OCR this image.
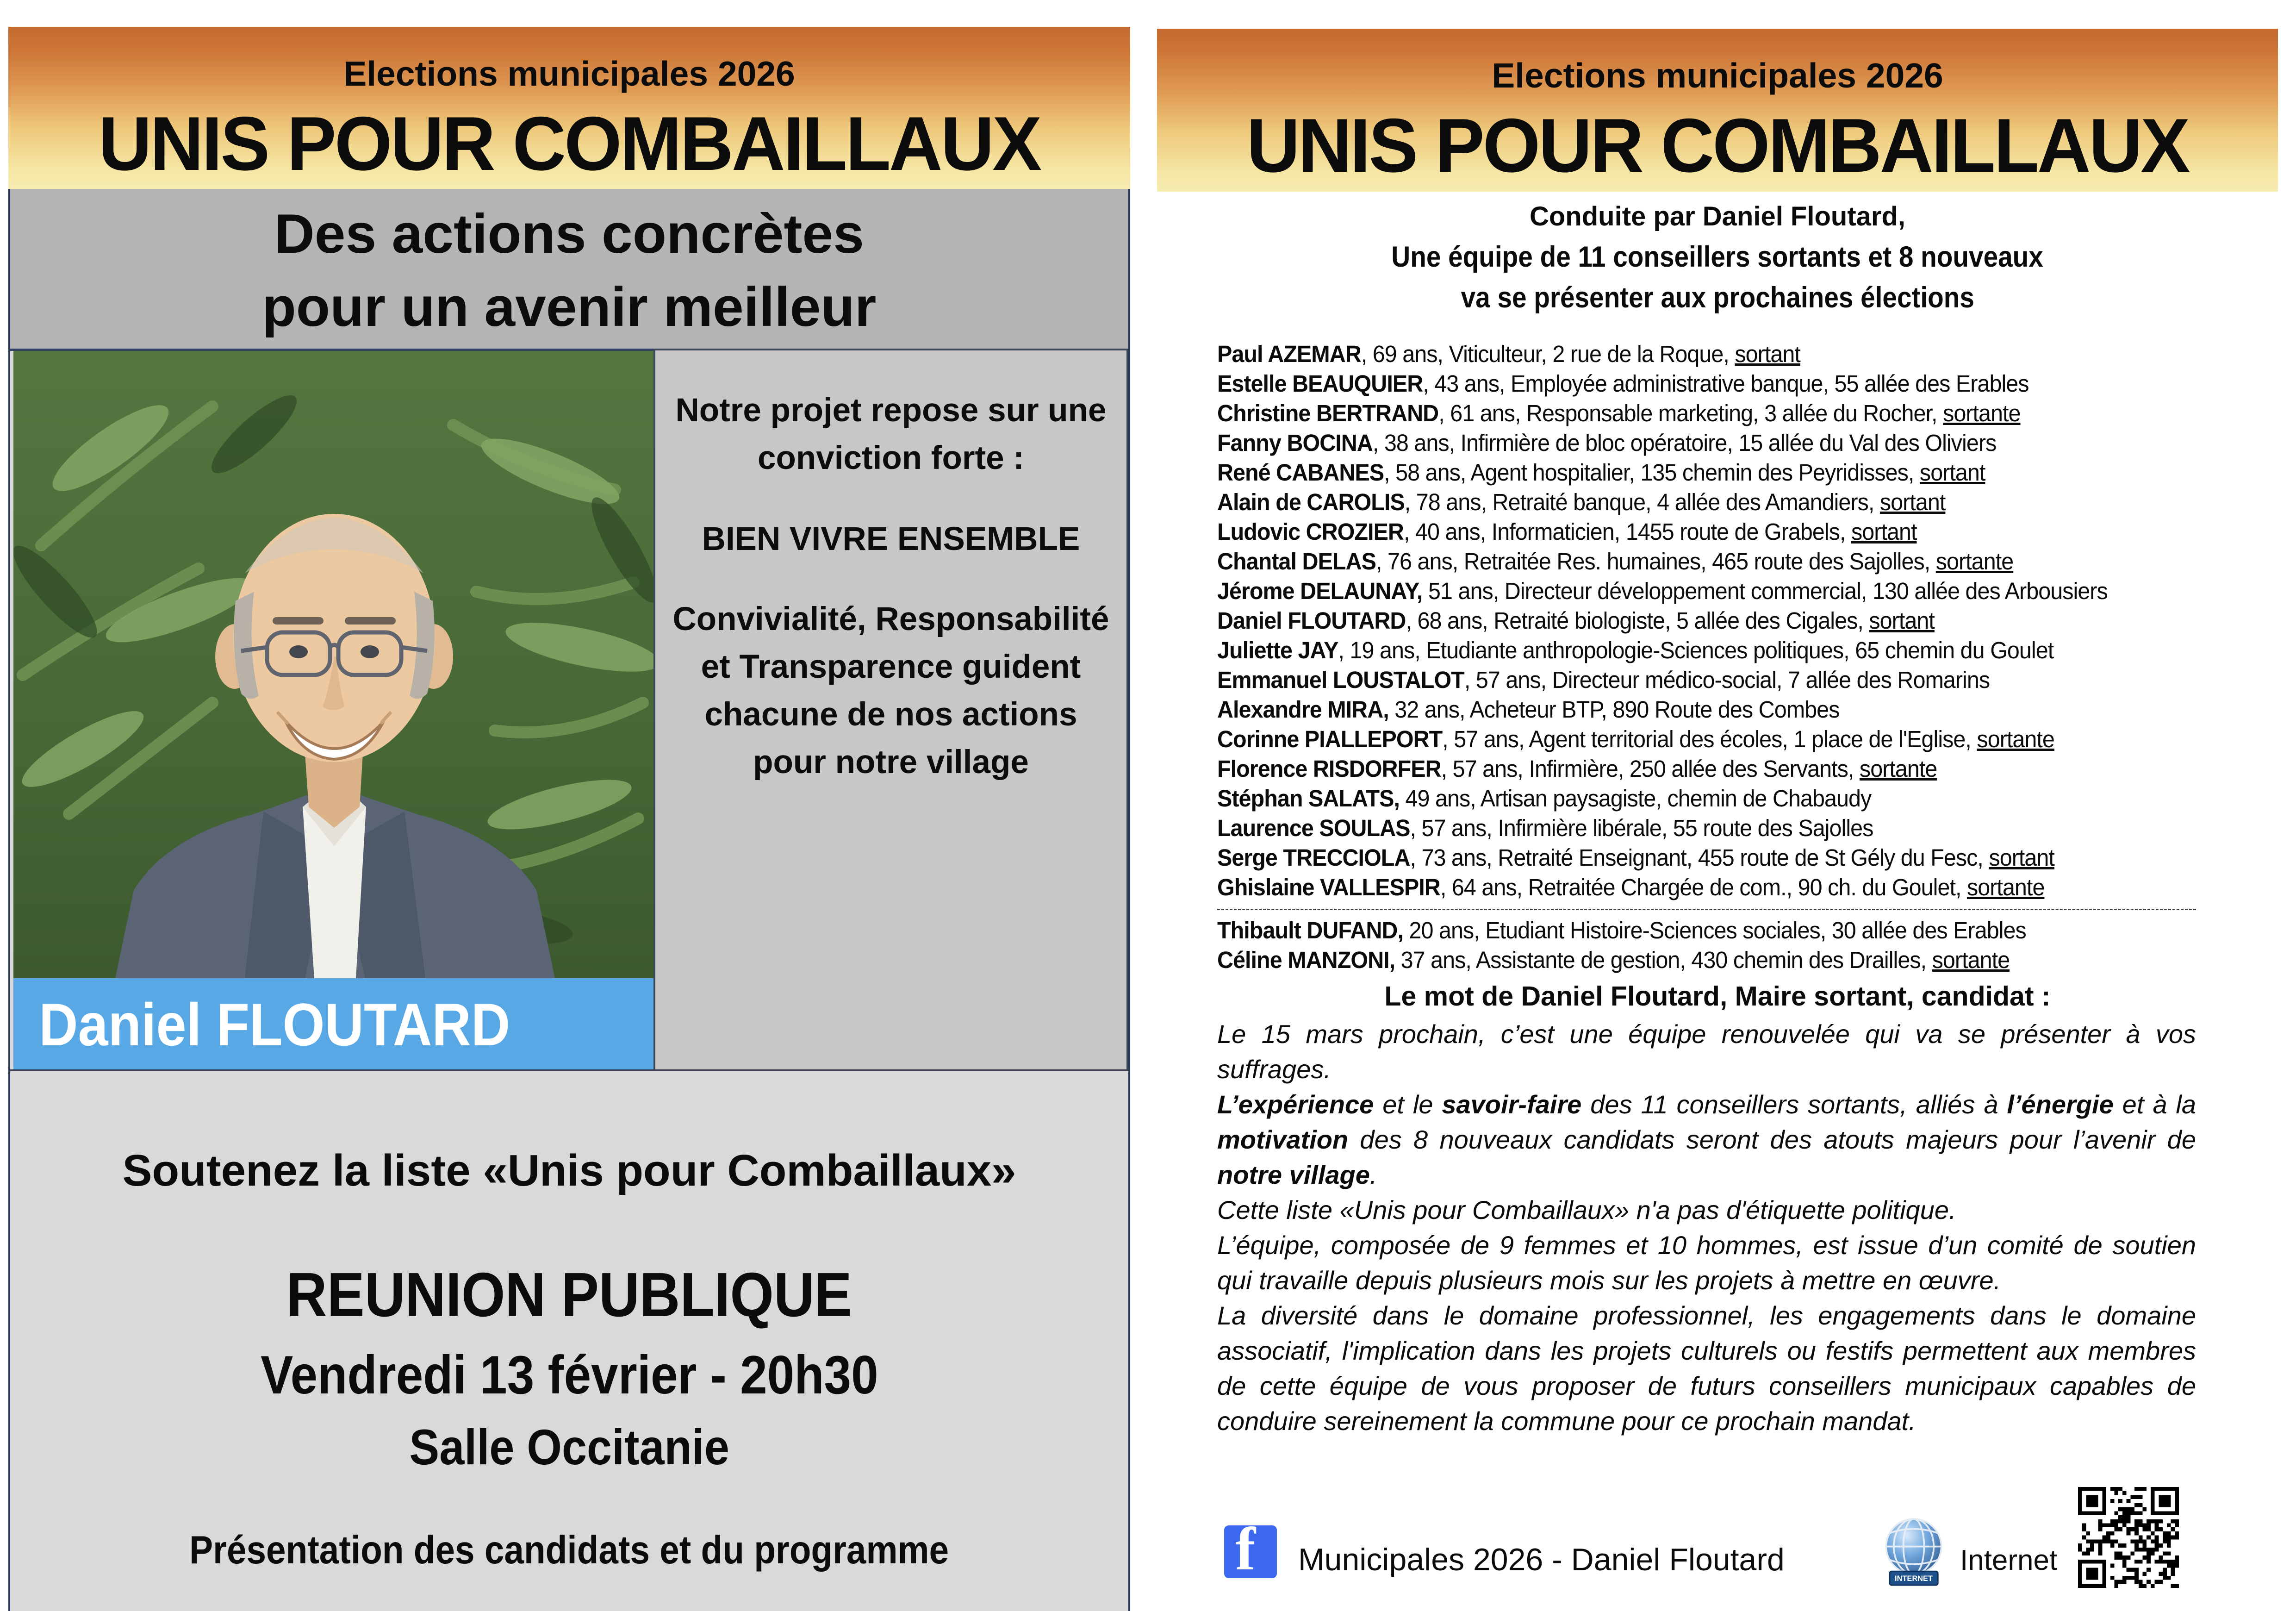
Elections municipales 2026
UNIS POUR COMBAILLAUX
Des actions concrètes
pour un avenir meilleur
Daniel FLOUTARD

Notre projet repose sur une conviction forte :

BIEN VIVRE ENSEMBLE

Convivialité, Responsabilité et Transparence guident chacune de nos actions pour notre village

Soutenez la liste «Unis pour Combaillaux»
REUNION PUBLIQUE
Vendredi 13 février - 20h30
Salle Occitanie
Présentation des candidats et du programme
Elections municipales 2026
UNIS POUR COMBAILLAUX
Conduite par Daniel Floutard,
Une équipe de 11 conseillers sortants et 8 nouveaux
va se présenter aux prochaines élections
Paul AZEMAR, 69 ans, Viticulteur, 2 rue de la Roque, sortant
Estelle BEAUQUIER, 43 ans, Employée administrative banque, 55 allée des Erables
Christine BERTRAND, 61 ans, Responsable marketing, 3 allée du Rocher, sortante
Fanny BOCINA, 38 ans, Infirmière de bloc opératoire, 15 allée du Val des Oliviers
René CABANES, 58 ans, Agent hospitalier, 135 chemin des Peyridisses, sortant
Alain de CAROLIS, 78 ans, Retraité banque, 4 allée des Amandiers, sortant
Ludovic CROZIER, 40 ans, Informaticien, 1455 route de Grabels, sortant
Chantal DELAS, 76 ans, Retraitée Res. humaines, 465 route des Sajolles, sortante
Jérome DELAUNAY, 51 ans, Directeur développement commercial, 130 allée des Arbousiers
Daniel FLOUTARD, 68 ans, Retraité biologiste, 5 allée des Cigales, sortant
Juliette JAY, 19 ans, Etudiante anthropologie-Sciences politiques, 65 chemin du Goulet
Emmanuel LOUSTALOT, 57 ans, Directeur médico-social, 7 allée des Romarins
Alexandre MIRA, 32 ans, Acheteur BTP, 890 Route des Combes
Corinne PIALLEPORT, 57 ans, Agent territorial des écoles, 1 place de l'Eglise, sortante
Florence RISDORFER, 57 ans, Infirmière, 250 allée des Servants, sortante
Stéphan SALATS, 49 ans, Artisan paysagiste, chemin de Chabaudy
Laurence SOULAS, 57 ans, Infirmière libérale, 55 route des Sajolles
Serge TRECCIOLA, 73 ans, Retraité Enseignant, 455 route de St Gély du Fesc, sortant
Ghislaine VALLESPIR, 64 ans, Retraitée Chargée de com., 90 ch. du Goulet, sortante
Thibault DUFAND, 20 ans, Etudiant Histoire-Sciences sociales, 30 allée des Erables
Céline MANZONI, 37 ans, Assistante de gestion, 430 chemin des Drailles, sortante
Le mot de Daniel Floutard, Maire sortant, candidat :

Le 15 mars prochain, c’est une équipe renouvelée qui va se présenter à vos suffrages.

L’expérience et le savoir-faire des 11 conseillers sortants, alliés à l’énergie et à la motivation des 8 nouveaux candidats seront des atouts majeurs pour l’avenir de notre village.

Cette liste «Unis pour Combaillaux» n'a pas d'étiquette politique.

L’équipe, composée de 9 femmes et 10 hommes, est issue d’un comité de soutien qui travaille depuis plusieurs mois sur les projets à mettre en œuvre.

La diversité dans le domaine professionnel, les engagements dans le domaine associatif, l'implication dans les projets culturels ou festifs permettent aux membres de cette équipe de vous proposer de futurs conseillers municipaux capables de conduire sereinement la commune pour ce prochain mandat.

f Municipales 2026 - Daniel Floutard
INTERNET
Internet
